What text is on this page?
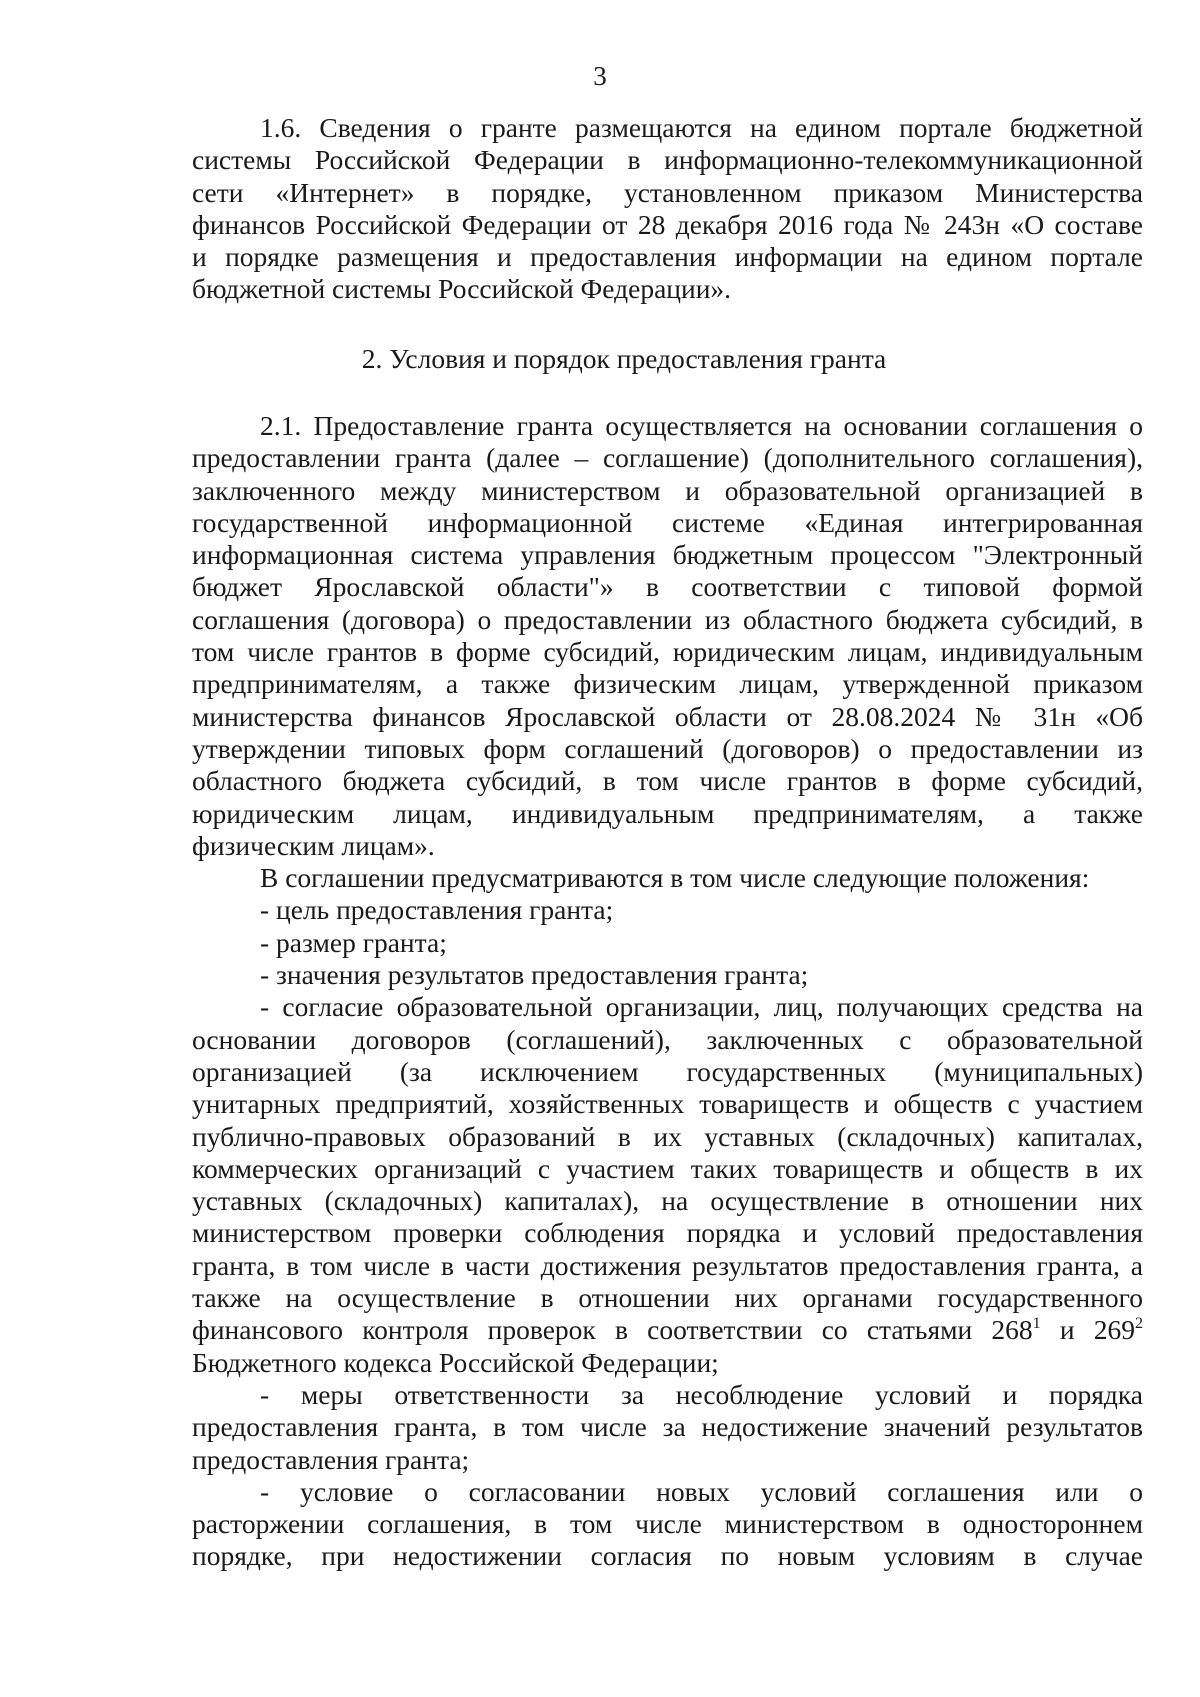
3
1.6. Сведения о гранте размещаются на едином портале бюджетной
системы Российской Федерации в информационно-телекоммуникационной
сети «Интернет» в порядке, установленном приказом Министерства
финансов Российской Федерации от 28 декабря 2016 года № 243н «О составе
и порядке размещения и предоставления информации на едином портале
бюджетной системы Российской Федерации».
2. Условия и порядок предоставления гранта
2.1. Предоставление гранта осуществляется на основании соглашения о
предоставлении гранта (далее – соглашение) (дополнительного соглашения),
заключенного между министерством и образовательной организацией в
государственной информационной системе «Единая интегрированная
информационная система управления бюджетным процессом "Электронный
бюджет Ярославской области"» в соответствии с типовой формой
соглашения (договора) о предоставлении из областного бюджета субсидий, в
том числе грантов в форме субсидий, юридическим лицам, индивидуальным
предпринимателям, а также физическим лицам, утвержденной приказом
министерства финансов Ярославской области от 28.08.2024 № 31н «Об
утверждении типовых форм соглашений (договоров) о предоставлении из
областного бюджета субсидий, в том числе грантов в форме субсидий,
юридическим лицам, индивидуальным предпринимателям, а также
физическим лицам».
В соглашении предусматриваются в том числе следующие положения:
- цель предоставления гранта;
- размер гранта;
- значения результатов предоставления гранта;
- согласие образовательной организации, лиц, получающих средства на
основании договоров (соглашений), заключенных с образовательной
организацией (за исключением государственных (муниципальных)
унитарных предприятий, хозяйственных товариществ и обществ с участием
публично-правовых образований в их уставных (складочных) капиталах,
коммерческих организаций с участием таких товариществ и обществ в их
уставных (складочных) капиталах), на осуществление в отношении них
министерством проверки соблюдения порядка и условий предоставления
гранта, в том числе в части достижения результатов предоставления гранта, а
также на осуществление в отношении них органами государственного
финансового контроля проверок в соответствии со статьями $268^1$ и $269^2$
Бюджетного кодекса Российской Федерации;
- меры ответственности за несоблюдение условий и порядка
предоставления гранта, в том числе за недостижение значений результатов
предоставления гранта;
- условие о согласовании новых условий соглашения или о
расторжении соглашения, в том числе министерством в одностороннем
порядке, при недостижении согласия по новым условиям в случае
